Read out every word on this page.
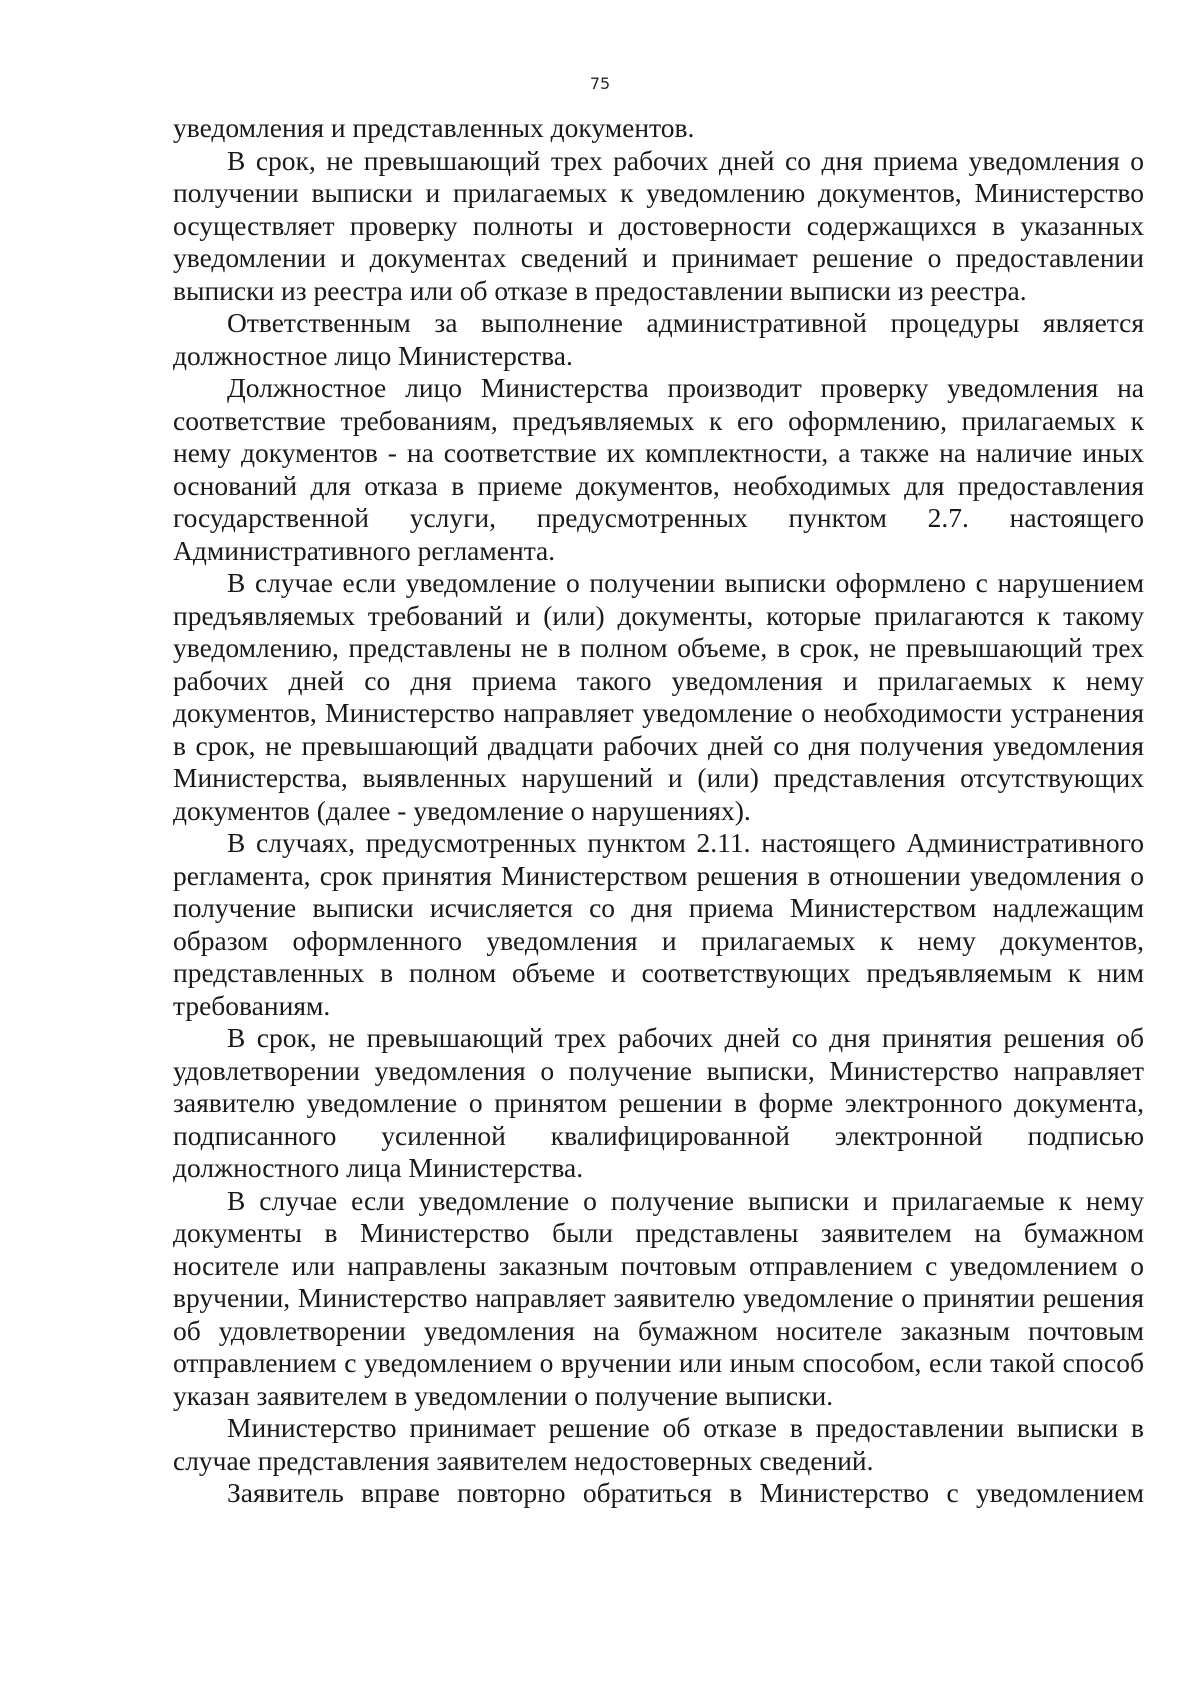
75

уведомления и представленных документов.

В срок, не превышающий трех рабочих дней со дня приема уведомления о получении выписки и прилагаемых к уведомлению документов, Министерство осуществляет проверку полноты и достоверности содержащихся в указанных уведомлении и документах сведений и принимает решение о предоставлении выписки из реестра или об отказе в предоставлении выписки из реестра.

Ответственным за выполнение административной процедуры является должностное лицо Министерства.

Должностное лицо Министерства производит проверку уведомления на соответствие требованиям, предъявляемых к его оформлению, прилагаемых к нему документов - на соответствие их комплектности, а также на наличие иных оснований для отказа в приеме документов, необходимых для предоставления государственной услуги, предусмотренных пунктом 2.7. настоящего Административного регламента.

В случае если уведомление о получении выписки оформлено с нарушением предъявляемых требований и (или) документы, которые прилагаются к такому уведомлению, представлены не в полном объеме, в срок, не превышающий трех рабочих дней со дня приема такого уведомления и прилагаемых к нему документов, Министерство направляет уведомление о необходимости устранения в срок, не превышающий двадцати рабочих дней со дня получения уведомления Министерства, выявленных нарушений и (или) представления отсутствующих документов (далее - уведомление о нарушениях).

В случаях, предусмотренных пунктом 2.11. настоящего Административного регламента, срок принятия Министерством решения в отношении уведомления о получение выписки исчисляется со дня приема Министерством надлежащим образом оформленного уведомления и прилагаемых к нему документов, представленных в полном объеме и соответствующих предъявляемым к ним требованиям.

В срок, не превышающий трех рабочих дней со дня принятия решения об удовлетворении уведомления о получение выписки, Министерство направляет заявителю уведомление о принятом решении в форме электронного документа, подписанного усиленной квалифицированной электронной подписью должностного лица Министерства.

В случае если уведомление о получение выписки и прилагаемые к нему документы в Министерство были представлены заявителем на бумажном носителе или направлены заказным почтовым отправлением с уведомлением о вручении, Министерство направляет заявителю уведомление о принятии решения об удовлетворении уведомления на бумажном носителе заказным почтовым отправлением с уведомлением о вручении или иным способом, если такой способ указан заявителем в уведомлении о получение выписки.

Министерство принимает решение об отказе в предоставлении выписки в случае представления заявителем недостоверных сведений.

Заявитель вправе повторно обратиться в Министерство с уведомлением
